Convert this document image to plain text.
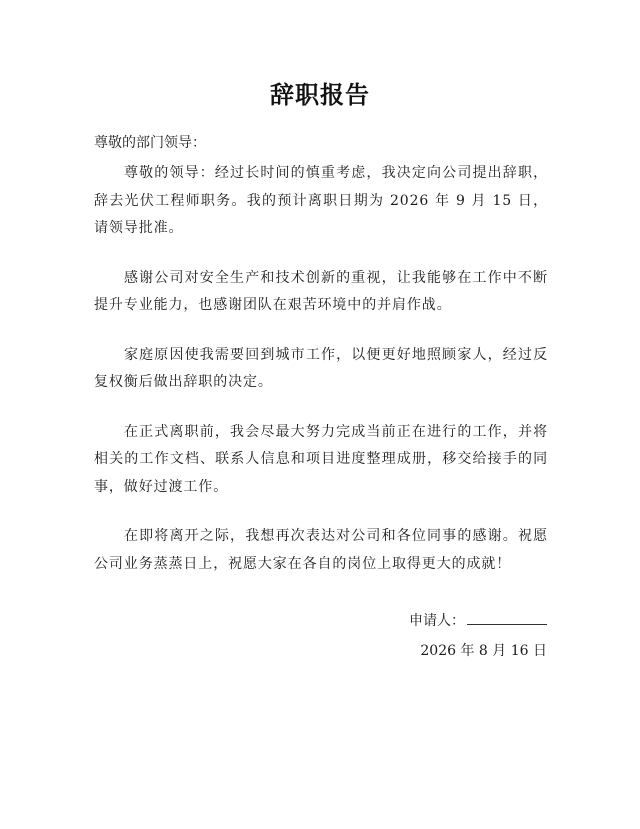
辞职报告

尊敬的部门领导：

尊敬的领导：经过长时间的慎重考虑，我决定向公司提出辞职，辞去光伏工程师职务。我的预计离职日期为 2026 年 9 月 15 日，请领导批准。

感谢公司对安全生产和技术创新的重视，让我能够在工作中不断提升专业能力，也感谢团队在艰苦环境中的并肩作战。

家庭原因使我需要回到城市工作，以便更好地照顾家人，经过反复权衡后做出辞职的决定。

在正式离职前，我会尽最大努力完成当前正在进行的工作，并将相关的工作文档、联系人信息和项目进度整理成册，移交给接手的同事，做好过渡工作。

在即将离开之际，我想再次表达对公司和各位同事的感谢。祝愿公司业务蒸蒸日上，祝愿大家在各自的岗位上取得更大的成就！

申请人：
2026 年 8 月 16 日
